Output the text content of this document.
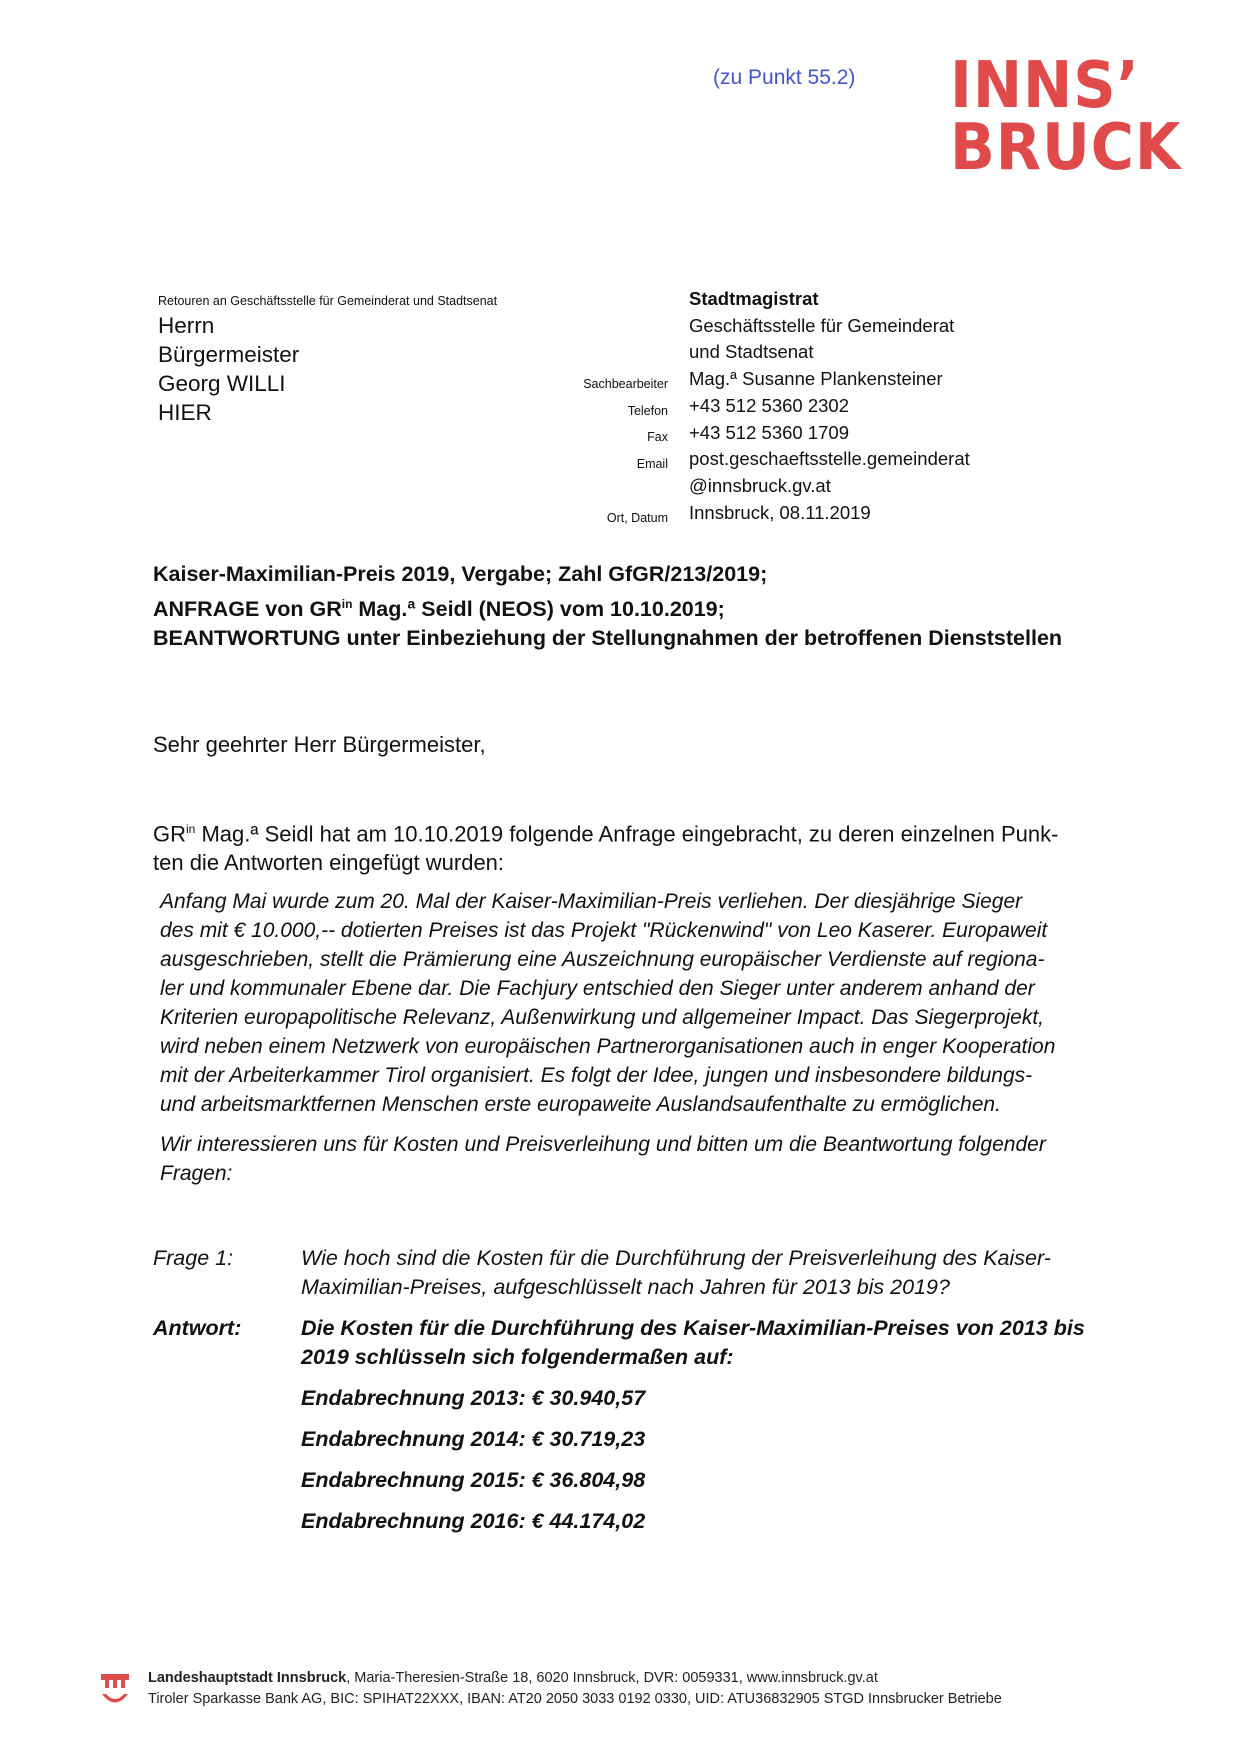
(zu Punkt 55.2) INNS’
BRUCK
Retouren an Geschäftsstelle für Gemeinderat und Stadtsenat
Herrn
Bürgermeister
Georg WILLI
HIER
Sachbearbeiter
Telefon
Fax
Email

Ort, Datum
Stadtmagistrat
Geschäftsstelle für Gemeinderat
und Stadtsenat
Mag.ª Susanne Plankensteiner
+43 512 5360 2302
+43 512 5360 1709
post.geschaeftsstelle.gemeinderat
@innsbruck.gv.at
Innsbruck, 08.11.2019
Kaiser-Maximilian-Preis 2019, Vergabe; Zahl GfGR/213/2019;
ANFRAGE von $GR^{in}$ Mag.ª Seidl (NEOS) vom 10.10.2019;
BEANTWORTUNG unter Einbeziehung der Stellungnahmen der betroffenen Dienststellen
Sehr geehrter Herr Bürgermeister,
$GR^{in}$ Mag.ª Seidl hat am 10.10.2019 folgende Anfrage eingebracht, zu deren einzelnen Punk-
ten die Antworten eingefügt wurden:

Anfang Mai wurde zum 20. Mal der Kaiser-Maximilian-Preis verliehen. Der diesjährige Sieger
des mit € 10.000,-- dotierten Preises ist das Projekt "Rückenwind" von Leo Kaserer. Europaweit
ausgeschrieben, stellt die Prämierung eine Auszeichnung europäischer Verdienste auf regiona-
ler und kommunaler Ebene dar. Die Fachjury entschied den Sieger unter anderem anhand der
Kriterien europapolitische Relevanz, Außenwirkung und allgemeiner Impact. Das Siegerprojekt,
wird neben einem Netzwerk von europäischen Partnerorganisationen auch in enger Kooperation
mit der Arbeiterkammer Tirol organisiert. Es folgt der Idee, jungen und insbesondere bildungs-
und arbeitsmarktfernen Menschen erste europaweite Auslandsaufenthalte zu ermöglichen.

Wir interessieren uns für Kosten und Preisverleihung und bitten um die Beantwortung folgender
Fragen:

Frage 1:	Wie hoch sind die Kosten für die Durchführung der Preisverleihung des Kaiser-
Maximilian-Preises, aufgeschlüsselt nach Jahren für 2013 bis 2019?
Antwort:	Die Kosten für die Durchführung des Kaiser-Maximilian-Preises von 2013 bis
2019 schlüsseln sich folgendermaßen auf:
Endabrechnung 2013: € 30.940,57
Endabrechnung 2014: € 30.719,23
Endabrechnung 2015: € 36.804,98
Endabrechnung 2016: € 44.174,02
Landeshauptstadt Innsbruck , Maria-Theresien-Straße 18, 6020 Innsbruck, DVR: 0059331, www.innsbruck.gv.at
Tiroler Sparkasse Bank AG, BIC: SPIHAT22XXX, IBAN: AT20 2050 3033 0192 0330, UID: ATU36832905 STGD Innsbrucker Betriebe
